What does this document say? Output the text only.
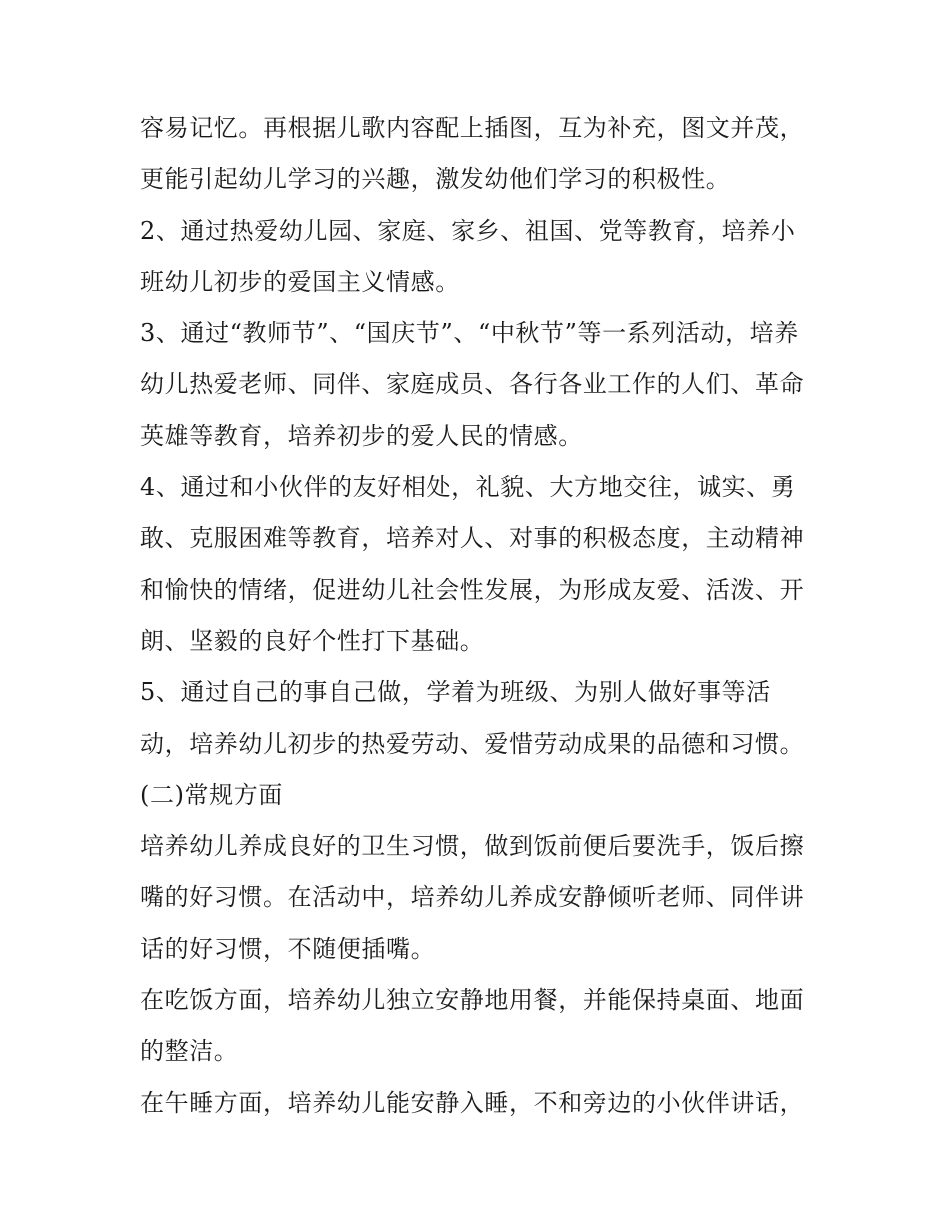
容易记忆。再根据儿歌内容配上插图，互为补充，图文并茂，
更能引起幼儿学习的兴趣，激发幼他们学习的积极性。
2、通过热爱幼儿园、家庭、家乡、祖国、党等教育，培养小
班幼儿初步的爱国主义情感。
3、通过“教师节”、“国庆节”、“中秋节”等一系列活动，培养
幼儿热爱老师、同伴、家庭成员、各行各业工作的人们、革命
英雄等教育，培养初步的爱人民的情感。
4、通过和小伙伴的友好相处，礼貌、大方地交往，诚实、勇
敢、克服困难等教育，培养对人、对事的积极态度，主动精神
和愉快的情绪，促进幼儿社会性发展，为形成友爱、活泼、开
朗、坚毅的良好个性打下基础。
5、通过自己的事自己做，学着为班级、为别人做好事等活
动，培养幼儿初步的热爱劳动、爱惜劳动成果的品德和习惯。
(二)常规方面
培养幼儿养成良好的卫生习惯，做到饭前便后要洗手，饭后擦
嘴的好习惯。在活动中，培养幼儿养成安静倾听老师、同伴讲
话的好习惯，不随便插嘴。
在吃饭方面，培养幼儿独立安静地用餐，并能保持桌面、地面
的整洁。
在午睡方面，培养幼儿能安静入睡，不和旁边的小伙伴讲话，
